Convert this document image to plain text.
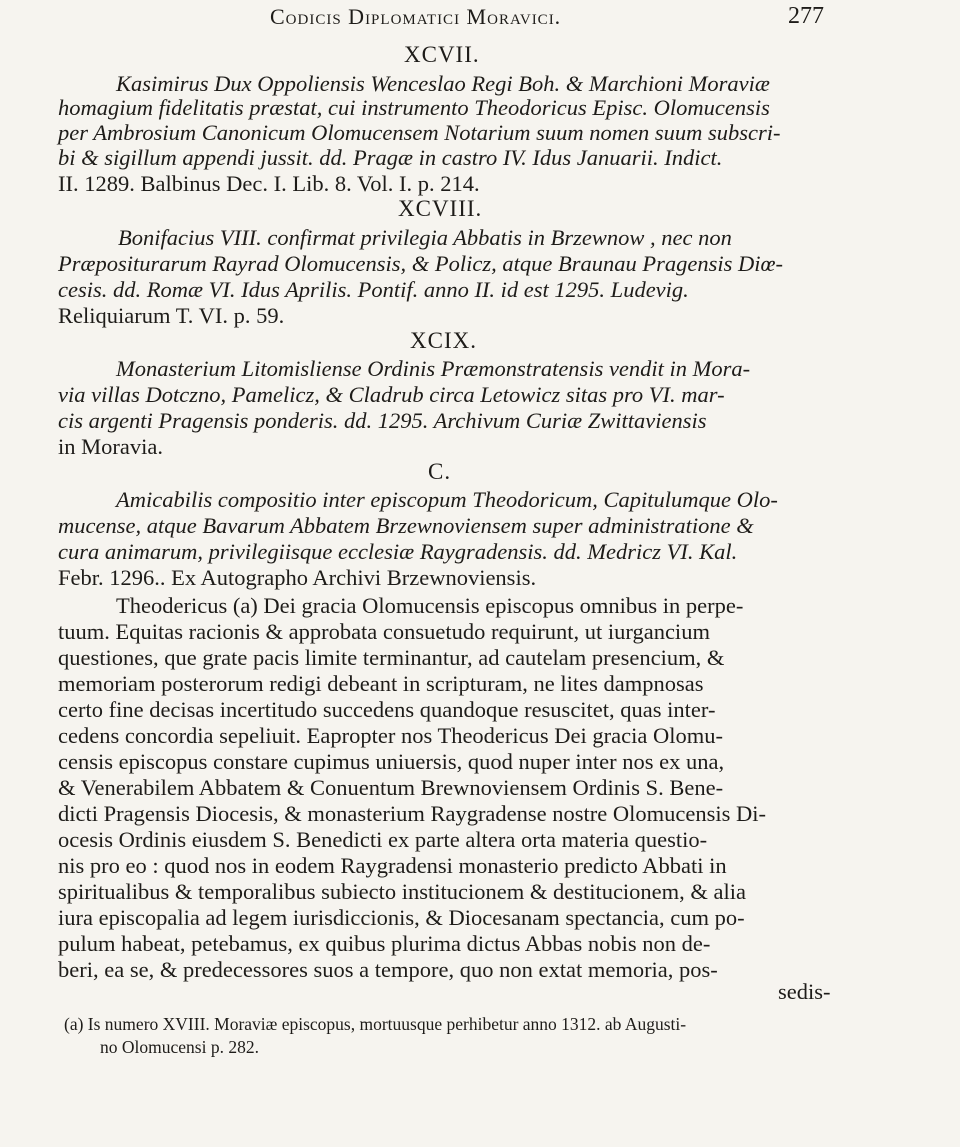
Codicis Diplomatici Moravici.	277
XCVII.
Kasimirus Dux Oppoliensis Wenceslao Regi Boh. & Marchioni Moraviæ
homagium fidelitatis præstat, cui instrumento Theodoricus Episc. Olomucensis
per Ambrosium Canonicum Olomucensem Notarium suum nomen suum subscri-
bi & sigillum appendi jussit. dd. Pragæ in castro IV. Idus Januarii. Indict.
II. 1289. Balbinus Dec. I. Lib. 8. Vol. I. p. 214.
XCVIII.
Bonifacius VIII. confirmat privilegia Abbatis in Brzewnow , nec non
Præpositurarum Rayrad Olomucensis, & Policz, atque Braunau Pragensis Diœ-
cesis. dd. Romæ VI. Idus Aprilis. Pontif. anno II. id est 1295. Ludevig.
Reliquiarum T. VI. p. 59.
XCIX.
Monasterium Litomisliense Ordinis Præmonstratensis vendit in Mora-
via villas Dotczno, Pamelicz, & Cladrub circa Letowicz sitas pro VI. mar-
cis argenti Pragensis ponderis. dd. 1295. Archivum Curiæ Zwittaviensis
in Moravia.
C.
Amicabilis compositio inter episcopum Theodoricum, Capitulumque Olo-
mucense, atque Bavarum Abbatem Brzewnoviensem super administratione &
cura animarum, privilegiisque ecclesiæ Raygradensis. dd. Medricz VI. Kal.
Febr. 1296.. Ex Autographo Archivi Brzewnoviensis.
Theodericus (a) Dei gracia Olomucensis episcopus omnibus in perpe-
tuum. Equitas racionis & approbata consuetudo requirunt, ut iurgancium
questiones, que grate pacis limite terminantur, ad cautelam presencium, &
memoriam posterorum redigi debeant in scripturam, ne lites dampnosas
certo fine decisas incertitudo succedens quandoque resuscitet, quas inter-
cedens concordia sepeliuit. Eapropter nos Theodericus Dei gracia Olomu-
censis episcopus constare cupimus uniuersis, quod nuper inter nos ex una,
& Venerabilem Abbatem & Conuentum Brewnoviensem Ordinis S. Bene-
dicti Pragensis Diocesis, & monasterium Raygradense nostre Olomucensis Di-
ocesis Ordinis eiusdem S. Benedicti ex parte altera orta materia questio-
nis pro eo : quod nos in eodem Raygradensi monasterio predicto Abbati in
spiritualibus & temporalibus subiecto institucionem & destitucionem, & alia
iura episcopalia ad legem iurisdiccionis, & Diocesanam spectancia, cum po-
pulum habeat, petebamus, ex quibus plurima dictus Abbas nobis non de-
beri, ea se, & predecessores suos a tempore, quo non extat memoria, pos-
sedis-
(a) Is numero XVIII. Moraviæ episcopus, mortuusque perhibetur anno 1312. ab Augusti-
no Olomucensi p. 282.
